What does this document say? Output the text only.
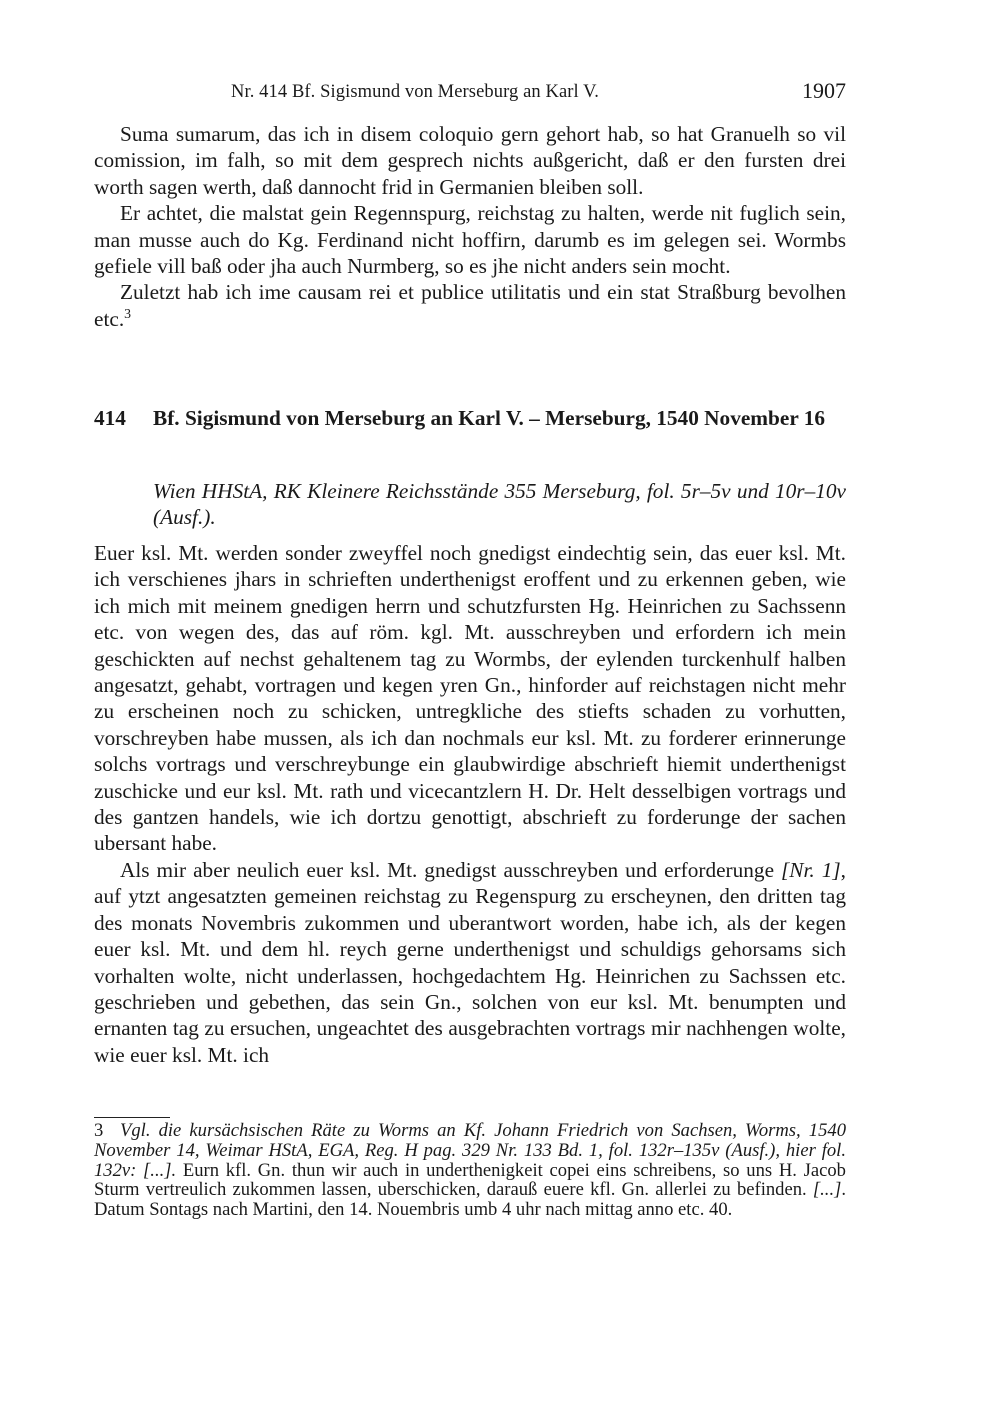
Nr. 414 Bf. Sigismund von Merseburg an Karl V.	1907

Suma sumarum, das ich in disem coloquio gern gehort hab, so hat Granuelh so vil comission, im falh, so mit dem gesprech nichts außgericht, daß er den fursten drei worth sagen werth, daß dannocht frid in Germanien bleiben soll.

Er achtet, die malstat gein Regennspurg, reichstag zu halten, werde nit fuglich sein, man musse auch do Kg. Ferdinand nicht hoffirn, darumb es im gelegen sei. Wormbs gefiele vill baß oder jha auch Nurmberg, so es jhe nicht anders sein mocht.

Zuletzt hab ich ime causam rei et publice utilitatis und ein stat Straßburg bevolhen etc.$^3$

414 Bf. Sigismund von Merseburg an Karl V. – Merseburg, 1540 November 16
Wien HHStA, RK Kleinere Reichsstände 355 Merseburg, fol. 5r–5v und 10r–10v (Ausf.).

Euer ksl. Mt. werden sonder zweyffel noch gnedigst eindechtig sein, das euer ksl. Mt. ich verschienes jhars in schrieften underthenigst eroffent und zu erkennen geben, wie ich mich mit meinem gnedigen herrn und schutzfursten Hg. Heinrichen zu Sachssenn etc. von wegen des, das auf röm. kgl. Mt. ausschreyben und erfordern ich mein geschickten auf nechst gehaltenem tag zu Wormbs, der eylenden turckenhulf halben angesatzt, gehabt, vortragen und kegen yren Gn., hinforder auf reichstagen nicht mehr zu erscheinen noch zu schicken, untregkliche des stiefts schaden zu vorhutten, vorschreyben habe mussen, als ich dan nochmals eur ksl. Mt. zu forderer erinnerunge solchs vortrags und verschreybunge ein glaubwirdige abschrieft hiemit underthenigst zuschicke und eur ksl. Mt. rath und vicecantzlern H. Dr. Helt desselbigen vortrags und des gantzen handels, wie ich dortzu genottigt, abschrieft zu forderunge der sachen ubersant habe.

Als mir aber neulich euer ksl. Mt. gnedigst ausschreyben und erforderunge [Nr. 1], auf ytzt angesatzten gemeinen reichstag zu Regenspurg zu erscheynen, den dritten tag des monats Novembris zukommen und uberantwort worden, habe ich, als der kegen euer ksl. Mt. und dem hl. reych gerne underthenigst und schuldigs gehorsams sich vorhalten wolte, nicht underlassen, hochgedachtem Hg. Heinrichen zu Sachssen etc. geschrieben und gebethen, das sein Gn., solchen von eur ksl. Mt. benumpten und ernanten tag zu ersuchen, ungeachtet des ausgebrachten vortrags mir nachhengen wolte, wie euer ksl. Mt. ich

3 Vgl. die kursächsischen Räte zu Worms an Kf. Johann Friedrich von Sachsen, Worms, 1540 November 14, Weimar HStA, EGA, Reg. H pag. 329 Nr. 133 Bd. 1, fol. 132r–135v (Ausf.), hier fol. 132v: [...]. Eurn kfl. Gn. thun wir auch in underthenigkeit copei eins schreibens, so uns H. Jacob Sturm vertreulich zukommen lassen, uberschicken, darauß euere kfl. Gn. allerlei zu befinden. [...]. Datum Sontags nach Martini, den 14. Nouembris umb 4 uhr nach mittag anno etc. 40.
